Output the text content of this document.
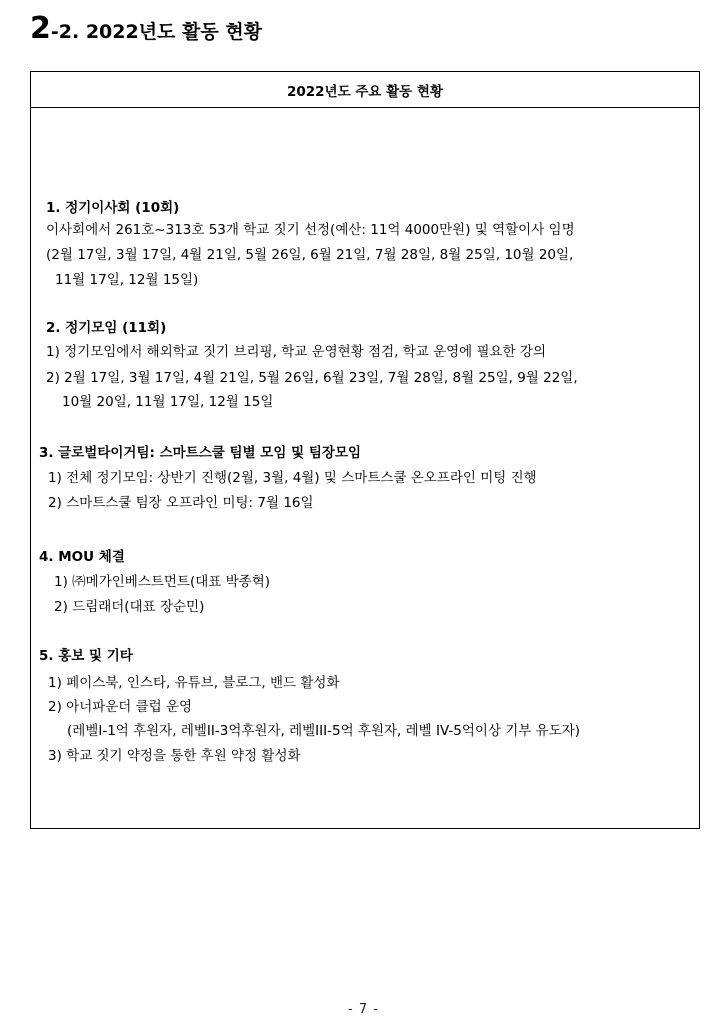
2-2. 2022년도 활동 현황
2022년도 주요 활동 현황
1. 정기이사회 (10회)
이사회에서 261호~313호 53개 학교 짓기 선정(예산: 11억 4000만원) 및 역할이사 임명
(2월 17일, 3월 17일, 4월 21일, 5월 26일, 6월 21일, 7월 28일, 8월 25일, 10월 20일,
11월 17일, 12월 15일)
2. 정기모임 (11회)
1) 정기모임에서 해외학교 짓기 브리핑, 학교 운영현황 점검, 학교 운영에 필요한 강의
2) 2월 17일, 3월 17일, 4월 21일, 5월 26일, 6월 23일, 7월 28일, 8월 25일, 9월 22일,
10월 20일, 11월 17일, 12월 15일
3. 글로벌타이거팀: 스마트스쿨 팀별 모임 및 팀장모임
1) 전체 정기모임: 상반기 진행(2월, 3월, 4월) 및 스마트스쿨 온오프라인 미팅 진행
2) 스마트스쿨 팀장 오프라인 미팅: 7월 16일
4. MOU 체결
1) ㈜메가인베스트먼트(대표 박종혁)
2) 드림래더(대표 장순민)
5. 홍보 및 기타
1) 페이스북, 인스타, 유튜브, 블로그, 밴드 활성화
2) 아너파운더 클럽 운영
(레벨I-1억 후원자, 레벨II-3억후원자, 레벨III-5억 후원자, 레벨 IV-5억이상 기부 유도자)
3) 학교 짓기 약정을 통한 후원 약정 활성화
- 7 -
